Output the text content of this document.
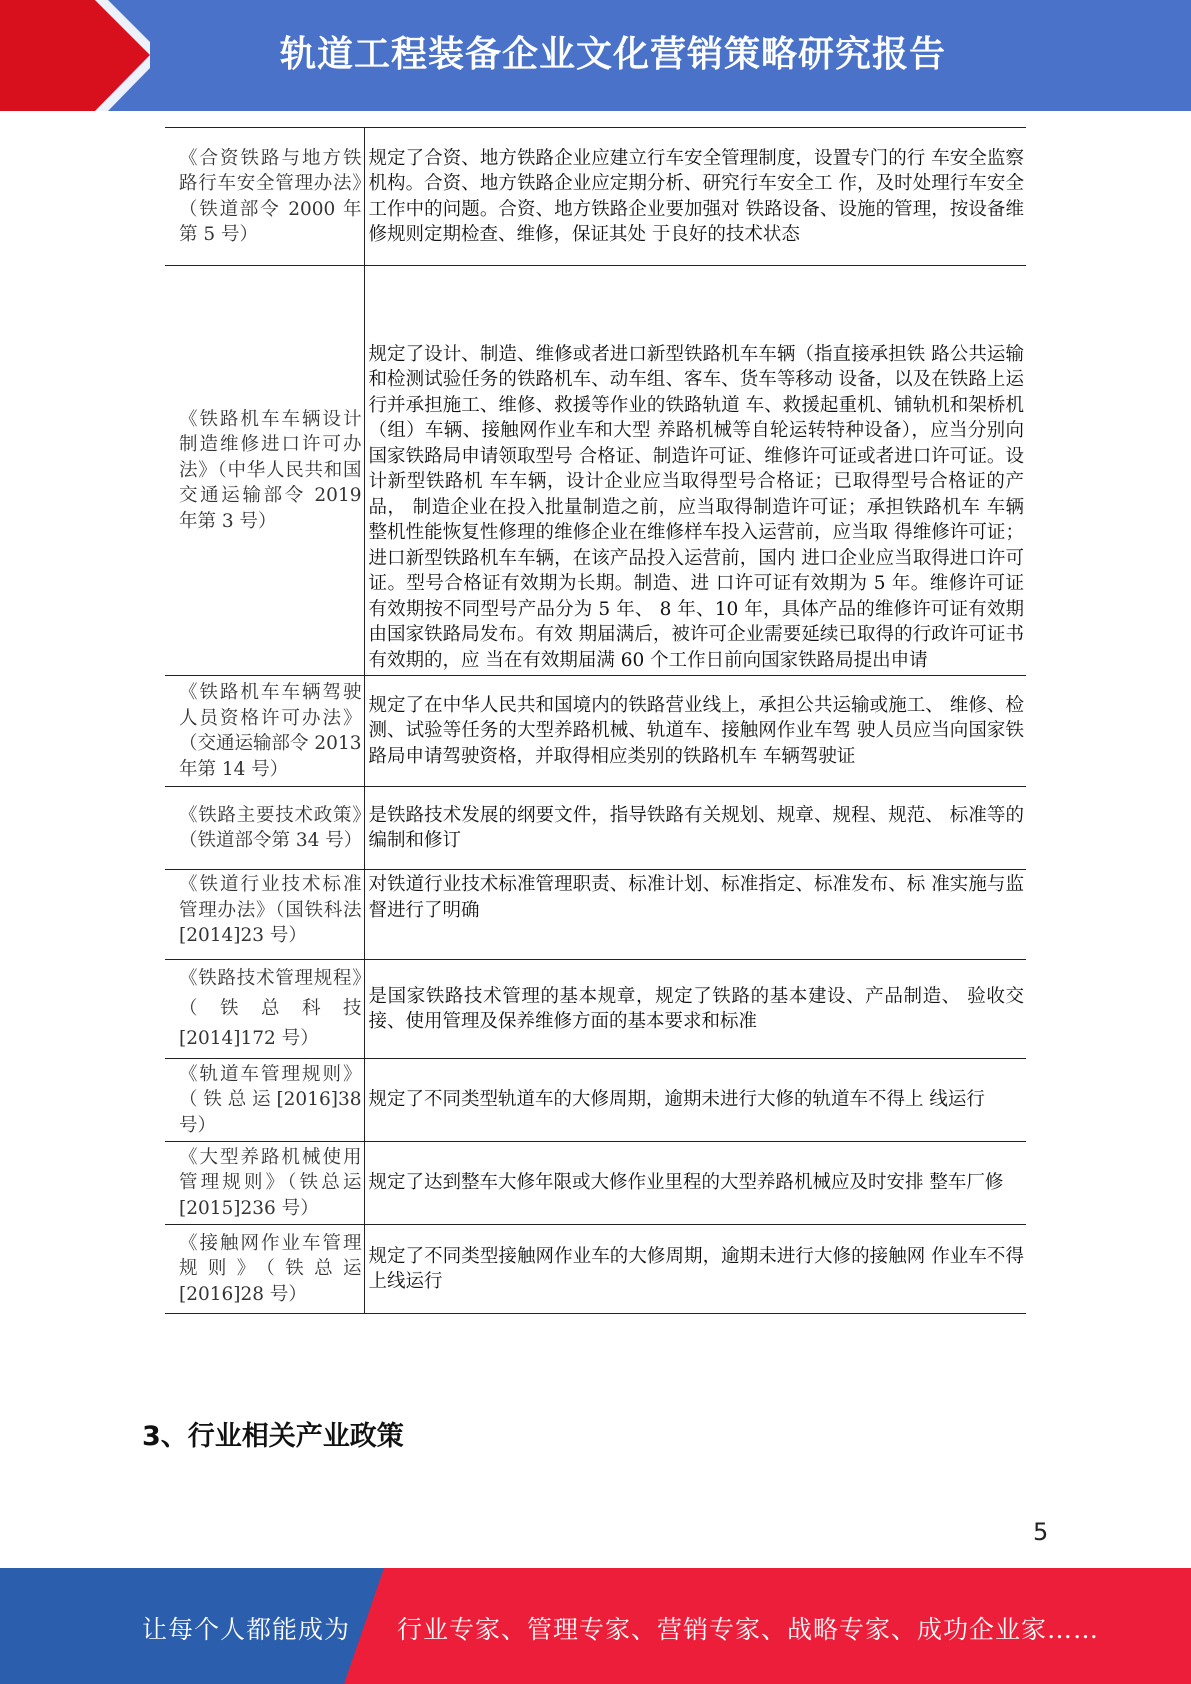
轨道工程装备企业文化营销策略研究报告
《合资铁路与地方铁路行车安全管理办法》（铁道部令 2000 年第 5 号）	规定了合资、地方铁路企业应建立行车安全管理制度，设置专门的行 车安全监察机构。合资、地方铁路企业应定期分析、研究行车安全工 作，及时处理行车安全工作中的问题。合资、地方铁路企业要加强对 铁路设备、设施的管理，按设备维修规则定期检查、维修，保证其处 于良好的技术状态
《铁路机车车辆设计制造维修进口许可办法》（中华人民共和国交通运输部令 2019 年第 3 号）	规定了设计、制造、维修或者进口新型铁路机车车辆（指直接承担铁 路公共运输和检测试验任务的铁路机车、动车组、客车、货车等移动 设备，以及在铁路上运行并承担施工、维修、救援等作业的铁路轨道 车、救援起重机、铺轨机和架桥机（组）车辆、接触网作业车和大型 养路机械等自轮运转特种设备），应当分别向国家铁路局申请领取型号 合格证、制造许可证、维修许可证或者进口许可证。设计新型铁路机 车车辆，设计企业应当取得型号合格证；已取得型号合格证的产品， 制造企业在投入批量制造之前，应当取得制造许可证；承担铁路机车 车辆整机性能恢复性修理的维修企业在维修样车投入运营前，应当取 得维修许可证；进口新型铁路机车车辆，在该产品投入运营前，国内 进口企业应当取得进口许可证。型号合格证有效期为长期。制造、进 口许可证有效期为 5 年。维修许可证有效期按不同型号产品分为 5 年、 8 年、10 年，具体产品的维修许可证有效期由国家铁路局发布。有效 期届满后，被许可企业需要延续已取得的行政许可证书有效期的，应 当在有效期届满 60 个工作日前向国家铁路局提出申请
《铁路机车车辆驾驶人员资格许可办法》（交通运输部令 2013 年第 14 号）	规定了在中华人民共和国境内的铁路营业线上，承担公共运输或施工、 维修、检测、试验等任务的大型养路机械、轨道车、接触网作业车驾 驶人员应当向国家铁路局申请驾驶资格，并取得相应类别的铁路机车 车辆驾驶证
《铁路主要技术政策》（铁道部令第 34 号）	是铁路技术发展的纲要文件，指导铁路有关规划、规章、规程、规范、 标准等的编制和修订
《铁道行业技术标准管理办法》（国铁科法[2014]23 号）	对铁道行业技术标准管理职责、标准计划、标准指定、标准发布、标 准实施与监督进行了明确
《铁路技术管理规程》（铁总科技[2014]172 号）	是国家铁路技术管理的基本规章，规定了铁路的基本建设、产品制造、 验收交接、使用管理及保养维修方面的基本要求和标准
《轨道车管理规则》（铁总运[2016]38 号）	规定了不同类型轨道车的大修周期，逾期未进行大修的轨道车不得上 线运行
《大型养路机械使用管理规则》（铁总运[2015]236 号）	规定了达到整车大修年限或大修作业里程的大型养路机械应及时安排 整车厂修
《接触网作业车管理规则》（铁总运[2016]28 号）	规定了不同类型接触网作业车的大修周期，逾期未进行大修的接触网 作业车不得上线运行
3、行业相关产业政策
5
让每个人都能成为 行业专家、管理专家、营销专家、战略专家、成功企业家……
